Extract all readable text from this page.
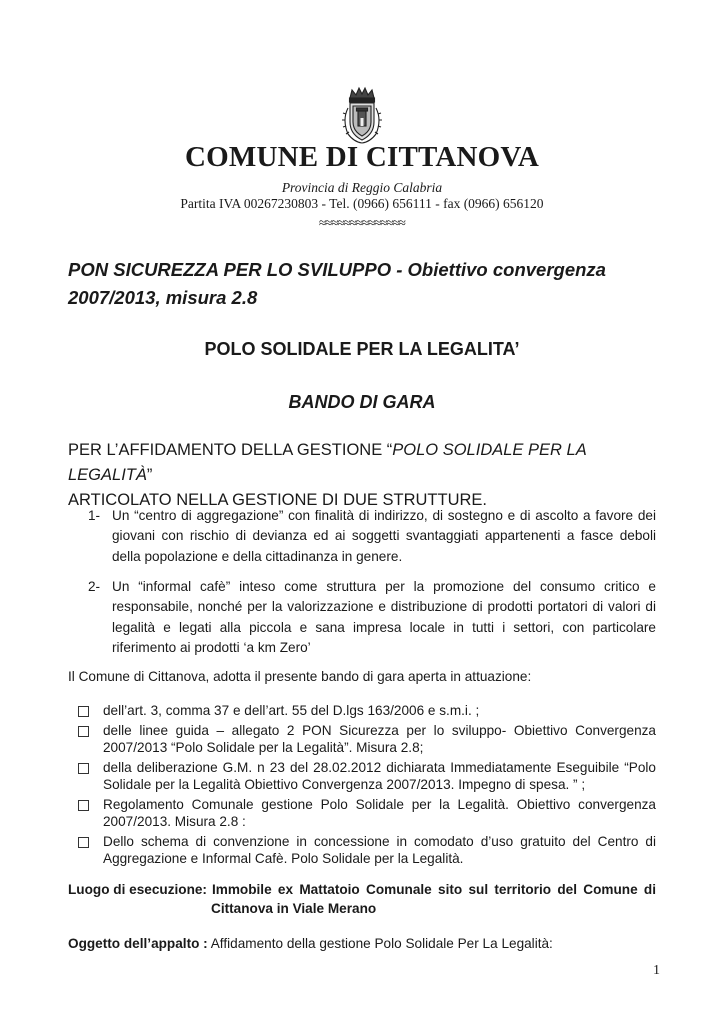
COMUNE DI CITTANOVA
Provincia di Reggio Calabria
Partita IVA 00267230803 - Tel. (0966) 656111 - fax (0966) 656120
≈≈≈≈≈≈≈≈≈≈≈≈≈≈
PON SICUREZZA PER LO SVILUPPO - Obiettivo convergenza
2007/2013, misura 2.8
POLO SOLIDALE PER LA LEGALITA’
BANDO DI GARA
PER L’AFFIDAMENTO DELLA GESTIONE “POLO SOLIDALE PER LA LEGALITÀ”
ARTICOLATO NELLA GESTIONE DI DUE STRUTTURE.
1- Un “centro di aggregazione” con finalità di indirizzo, di sostegno e di ascolto a favore dei giovani con rischio di devianza ed ai soggetti svantaggiati appartenenti a fasce deboli della popolazione e della cittadinanza in genere.
2- Un “informal cafè” inteso come struttura per la promozione del consumo critico e responsabile, nonché per la valorizzazione e distribuzione di prodotti portatori di valori di legalità e legati alla piccola e sana impresa locale in tutti i settori, con particolare riferimento ai prodotti ‘a km Zero’
Il Comune di Cittanova, adotta il presente bando di gara aperta in attuazione:
dell’art. 3, comma 37 e dell’art. 55 del D.lgs 163/2006 e s.m.i. ;
delle linee guida – allegato 2 PON Sicurezza per lo sviluppo- Obiettivo Convergenza 2007/2013 “Polo Solidale per la Legalità”. Misura 2.8;
della deliberazione G.M. n 23 del 28.02.2012 dichiarata Immediatamente Eseguibile “Polo Solidale per la Legalità Obiettivo Convergenza 2007/2013. Impegno di spesa. ” ;
Regolamento Comunale gestione Polo Solidale per la Legalità. Obiettivo convergenza 2007/2013. Misura 2.8 :
Dello schema di convenzione in concessione in comodato d’uso gratuito del Centro di Aggregazione e Informal Cafè. Polo Solidale per la Legalità.
Luogo di esecuzione: Immobile ex Mattatoio Comunale sito sul territorio del Comune di
Cittanova in Viale Merano
Oggetto dell’appalto : Affidamento della gestione Polo Solidale Per La Legalità:
1
